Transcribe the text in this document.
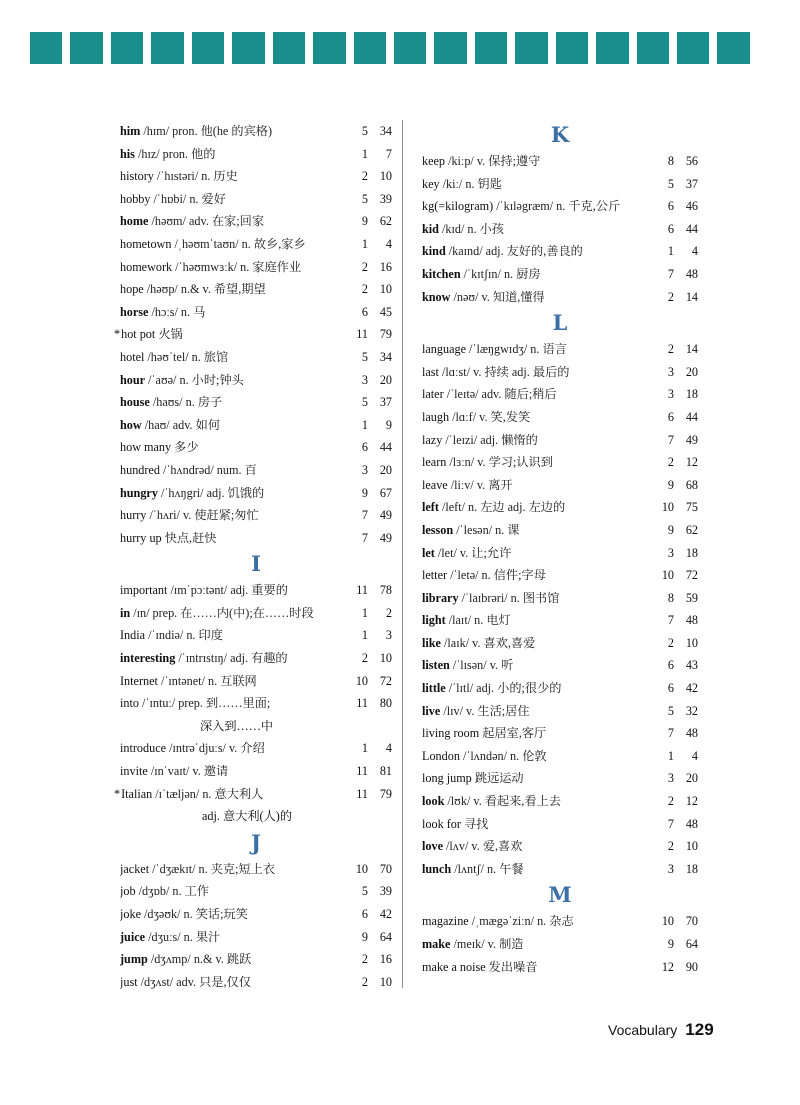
him /hɪm/ pron. 他(he 的宾格)	5 34
his /hɪz/ pron. 他的	1	7
history /ˈhɪstəri/ n. 历史	2 10
hobby /ˈhɒbi/ n. 爱好	5 39
home /həʊm/ adv. 在家;回家	9 62
hometown /ˌhəʊmˈtaʊn/ n. 故乡,家乡	1	4
homework /ˈhəʊmwɜːk/ n. 家庭作业	2 16
hope /həʊp/ n.& v. 希望,期望	2 10
horse /hɔːs/ n. 马	6 45
* hot pot 火锅	11 79
hotel /həʊˈtel/ n. 旅馆	5 34
hour /ˈaʊə/ n. 小时;钟头	3 20
house /haʊs/ n. 房子	5 37
how /haʊ/ adv. 如何	1	9
how many 多少	6 44
hundred /ˈhʌndrəd/ num. 百	3 20
hungry /ˈhʌŋgri/ adj. 饥饿的	9 67
hurry /ˈhʌri/ v. 使赶紧;匆忙	7 49
hurry up 快点,赶快	7 49
I
important /ɪmˈpɔːtənt/ adj. 重要的	11 78
in /ɪn/ prep. 在……内(中);在……时段	1	2
India /ˈɪndiə/ n. 印度	1	3
interesting /ˈɪntrɪstɪŋ/ adj. 有趣的	2 10
Internet /ˈɪntənet/ n. 互联网	10 72
into /ˈɪntuː/ prep. 到……里面;	11 80
深入到……中
introduce /ɪntrəˈdjuːs/ v. 介绍	1	4
invite /ɪnˈvaɪt/ v. 邀请	11 81
* Italian /ɪˈtæljən/ n. 意大利人	11 79
adj. 意大利(人)的
J
jacket /ˈdʒækɪt/ n. 夹克;短上衣	10 70
job /dʒɒb/ n. 工作	5 39
joke /dʒəʊk/ n. 笑话;玩笑	6 42
juice /dʒuːs/ n. 果汁	9 64
jump /dʒʌmp/ n.& v. 跳跃	2 16
just /dʒʌst/ adv. 只是,仅仅	2 10
K
keep /kiːp/ v. 保持;遵守	8 56
key /kiː/ n. 钥匙	5 37
kg(=kilogram) /ˈkɪləgræm/ n. 千克,公斤	6 46
kid /kɪd/ n. 小孩	6 44
kind /kaɪnd/ adj. 友好的,善良的	1	4
kitchen /ˈkɪtʃɪn/ n. 厨房	7 48
know /nəʊ/ v. 知道,懂得	2 14
L
language /ˈlæŋgwɪdʒ/ n. 语言	2 14
last /lɑːst/ v. 持续 adj. 最后的	3 20
later /ˈleɪtə/ adv. 随后;稍后	3 18
laugh /lɑːf/ v. 笑,发笑	6 44
lazy /ˈleɪzi/ adj. 懒惰的	7 49
learn /lɜːn/ v. 学习;认识到	2 12
leave /liːv/ v. 离开	9 68
left /left/ n. 左边 adj. 左边的	10 75
lesson /ˈlesən/ n. 课	9 62
let /let/ v. 让;允许	3 18
letter /ˈletə/ n. 信件;字母	10 72
library /ˈlaɪbrəri/ n. 图书馆	8 59
light /laɪt/ n. 电灯	7 48
like /laɪk/ v. 喜欢,喜爱	2 10
listen /ˈlɪsən/ v. 听	6 43
little /ˈlɪtl/ adj. 小的;很少的	6 42
live /lɪv/ v. 生活;居住	5 32
living room 起居室,客厅	7 48
London /ˈlʌndən/ n. 伦敦	1	4
long jump 跳远运动	3 20
look /lʊk/ v. 看起来,看上去	2 12
look for 寻找	7 48
love /lʌv/ v. 爱,喜欢	2 10
lunch /lʌntʃ/ n. 午餐	3 18
M
magazine /ˌmægəˈziːn/ n. 杂志	10 70
make /meɪk/ v. 制造	9 64
make a noise 发出噪音	12 90
Vocabulary 129
